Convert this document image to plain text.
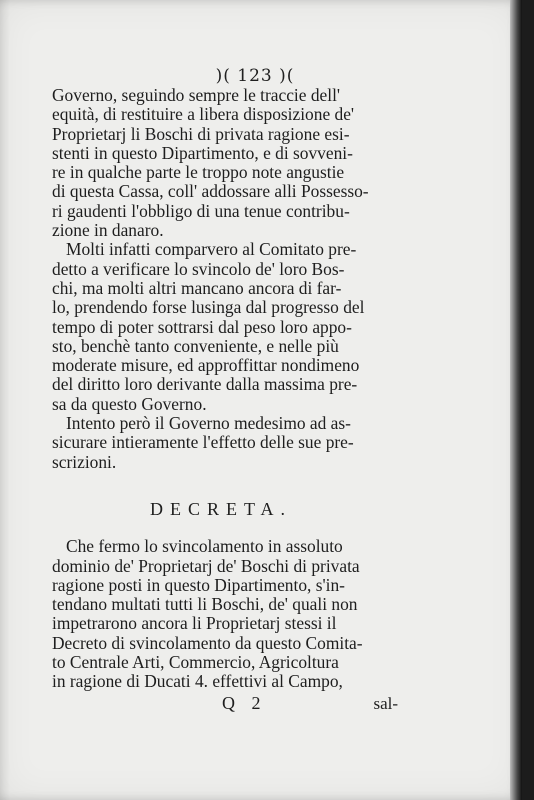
)( 123 )(

Governo, seguindo sempre le traccie dell'
equità, di restituire a libera disposizione de'
Proprietarj li Boschi di privata ragione esi-
stenti in questo Dipartimento, e di sovveni-
re in qualche parte le troppo note angustie
di questa Cassa, coll' addossare alli Possesso-
ri gaudenti l'obbligo di una tenue contribu-
zione in danaro.

Molti infatti comparvero al Comitato pre-
detto a verificare lo svincolo de' loro Bos-
chi, ma molti altri mancano ancora di far-
lo, prendendo forse lusinga dal progresso del
tempo di poter sottrarsi dal peso loro appo-
sto, benchè tanto conveniente, e nelle più
moderate misure, ed approffittar nondimeno
del diritto loro derivante dalla massima pre-
sa da questo Governo.

Intento però il Governo medesimo ad as-
sicurare intieramente l'effetto delle sue pre-
scrizioni.

DECRETA.

Che fermo lo svincolamento in assoluto
dominio de' Proprietarj de' Boschi di privata
ragione posti in questo Dipartimento, s'in-
tendano multati tutti li Boschi, de' quali non
impetrarono ancora li Proprietarj stessi il
Decreto di svincolamento da questo Comita-
to Centrale Arti, Commercio, Agricoltura
in ragione di Ducati 4. effettivi al Campo,

Q 2	sal-
